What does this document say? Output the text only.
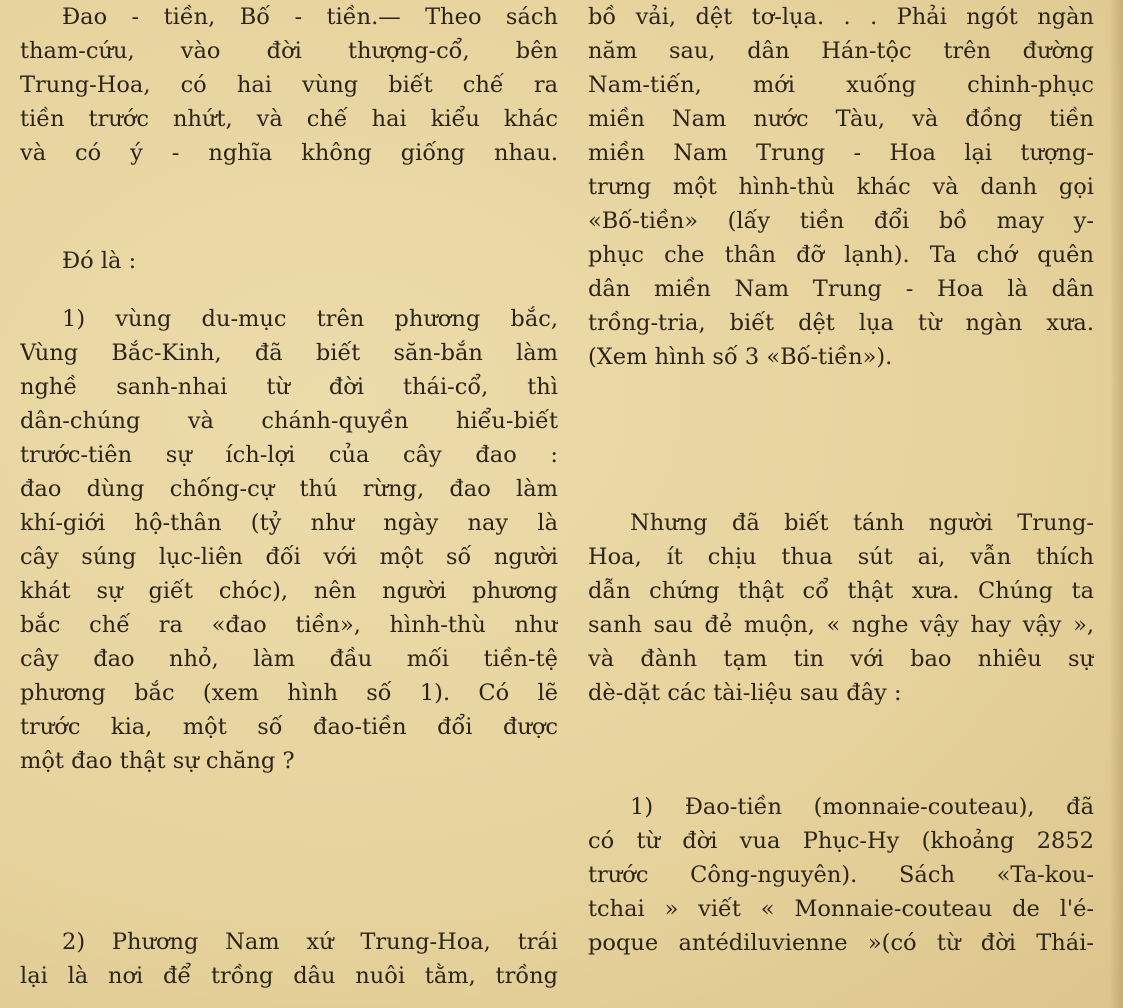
Đao - tiền, Bố - tiền.— Theo sách
tham-cứu, vào đời thượng-cổ, bên
Trung-Hoa, có hai vùng biết chế ra
tiền trước nhứt, và chế hai kiểu khác
và có ý - nghĩa không giống nhau.
Đó là :
1) vùng du-mục trên phương bắc,
Vùng Bắc-Kinh, đã biết săn-bắn làm
nghề sanh-nhai từ đời thái-cổ, thì
dân-chúng và chánh-quyền hiểu-biết
trước-tiên sự ích-lợi của cây đao :
đao dùng chống-cự thú rừng, đao làm
khí-giới hộ-thân (tỷ như ngày nay là
cây súng lục-liên đối với một số người
khát sự giết chóc), nên người phương
bắc chế ra «đao tiền», hình-thù như
cây đao nhỏ, làm đầu mối tiền-tệ
phương bắc (xem hình số 1). Có lẽ
trước kia, một số đao-tiền đổi được
một đao thật sự chăng ?
2) Phương Nam xứ Trung-Hoa, trái
lại là nơi để trồng dâu nuôi tằm, trồng
bồ vải, dệt tơ-lụa. . . Phải ngót ngàn
năm sau, dân Hán-tộc trên đường
Nam-tiến, mới xuống chinh-phục
miền Nam nước Tàu, và đồng tiền
miền Nam Trung - Hoa lại tượng-
trưng một hình-thù khác và danh gọi
«Bố-tiền» (lấy tiền đổi bồ may y-
phục che thân đỡ lạnh). Ta chớ quên
dân miền Nam Trung - Hoa là dân
trồng-tria, biết dệt lụa từ ngàn xưa.
(Xem hình số 3 «Bố-tiền»).
Nhưng đã biết tánh người Trung-
Hoa, ít chịu thua sút ai, vẫn thích
dẫn chứng thật cổ thật xưa. Chúng ta
sanh sau đẻ muộn, « nghe vậy hay vậy »,
và đành tạm tin với bao nhiêu sự
dè-dặt các tài-liệu sau đây :
1) Đao-tiền (monnaie-couteau), đã
có từ đời vua Phục-Hy (khoảng 2852
trước Công-nguyên). Sách «Ta-kou-
tchai » viết « Monnaie-couteau de l'é-
poque antédiluvienne »(có từ đời Thái-
